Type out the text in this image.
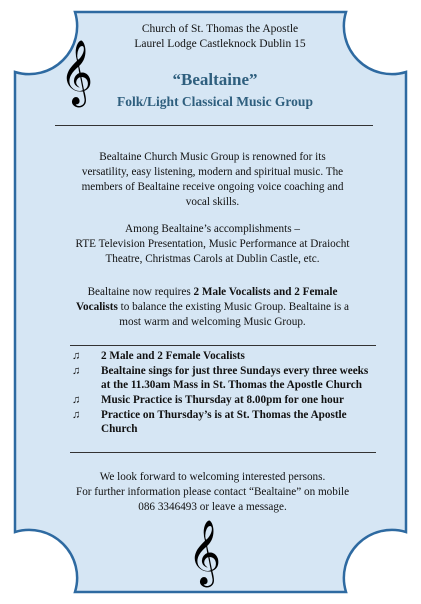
Church of St. Thomas the Apostle
Laurel Lodge Castleknock Dublin 15
𝄞	“Bealtaine”
Folk/Light Classical Music Group
Bealtaine Church Music Group is renowned for its
versatility, easy listening, modern and spiritual music. The
members of Bealtaine receive ongoing voice coaching and
vocal skills.
Among Bealtaine’s accomplishments –
RTE Television Presentation, Music Performance at Draiocht
Theatre, Christmas Carols at Dublin Castle, etc.
Bealtaine now requires 2 Male Vocalists and 2 Female
Vocalists to balance the existing Music Group. Bealtaine is a
most warm and welcoming Music Group.
♫ 2 Male and 2 Female Vocalists
♫ Bealtaine sings for just three Sundays every three weeks at the 11.30am Mass in St. Thomas the Apostle Church
♫ Music Practice is Thursday at 8.00pm for one hour
♫ Practice on Thursday’s is at St. Thomas the Apostle Church
We look forward to welcoming interested persons.
For further information please contact “Bealtaine” on mobile
086 3346493 or leave a message.
𝄞
